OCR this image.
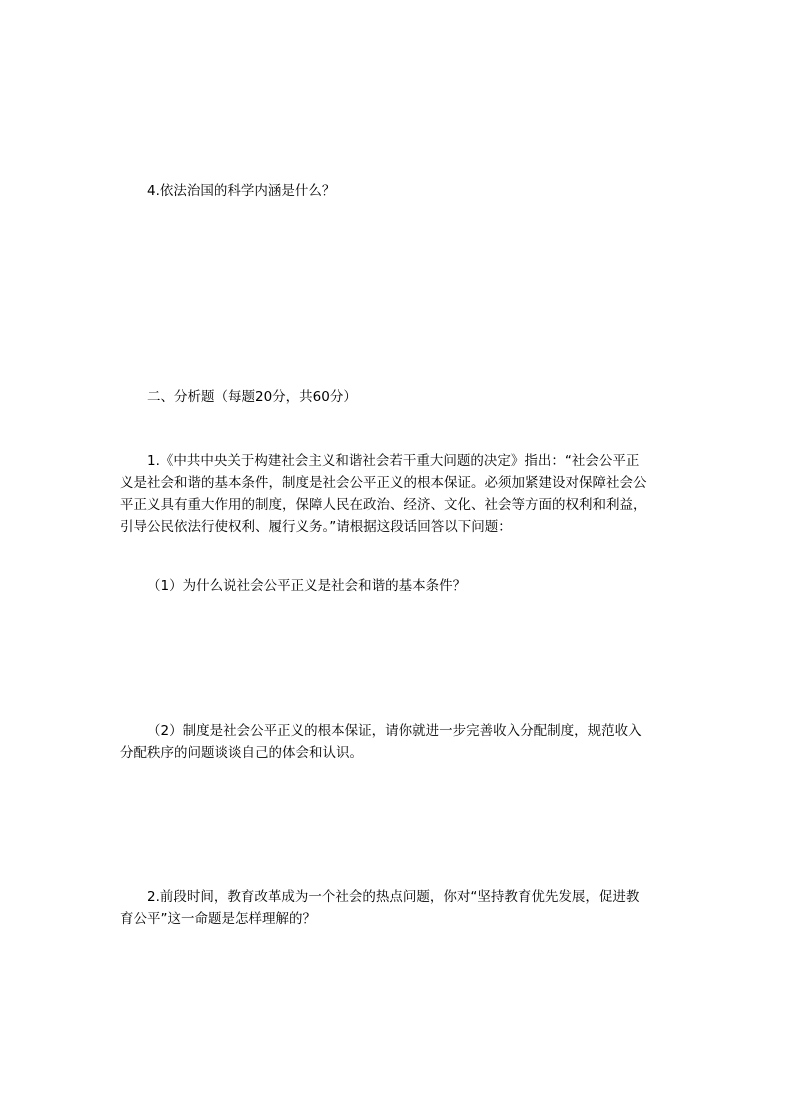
4.依法治国的科学内涵是什么？
二、分析题（每题20分，共60分）
1.《中共中央关于构建社会主义和谐社会若干重大问题的决定》指出：“社会公平正
义是社会和谐的基本条件，制度是社会公平正义的根本保证。必须加紧建设对保障社会公
平正义具有重大作用的制度，保障人民在政治、经济、文化、社会等方面的权利和利益，
引导公民依法行使权利、履行义务。”请根据这段话回答以下问题：
（1）为什么说社会公平正义是社会和谐的基本条件？
（2）制度是社会公平正义的根本保证，请你就进一步完善收入分配制度，规范收入
分配秩序的问题谈谈自己的体会和认识。
2.前段时间，教育改革成为一个社会的热点问题，你对“坚持教育优先发展，促进教
育公平”这一命题是怎样理解的？
